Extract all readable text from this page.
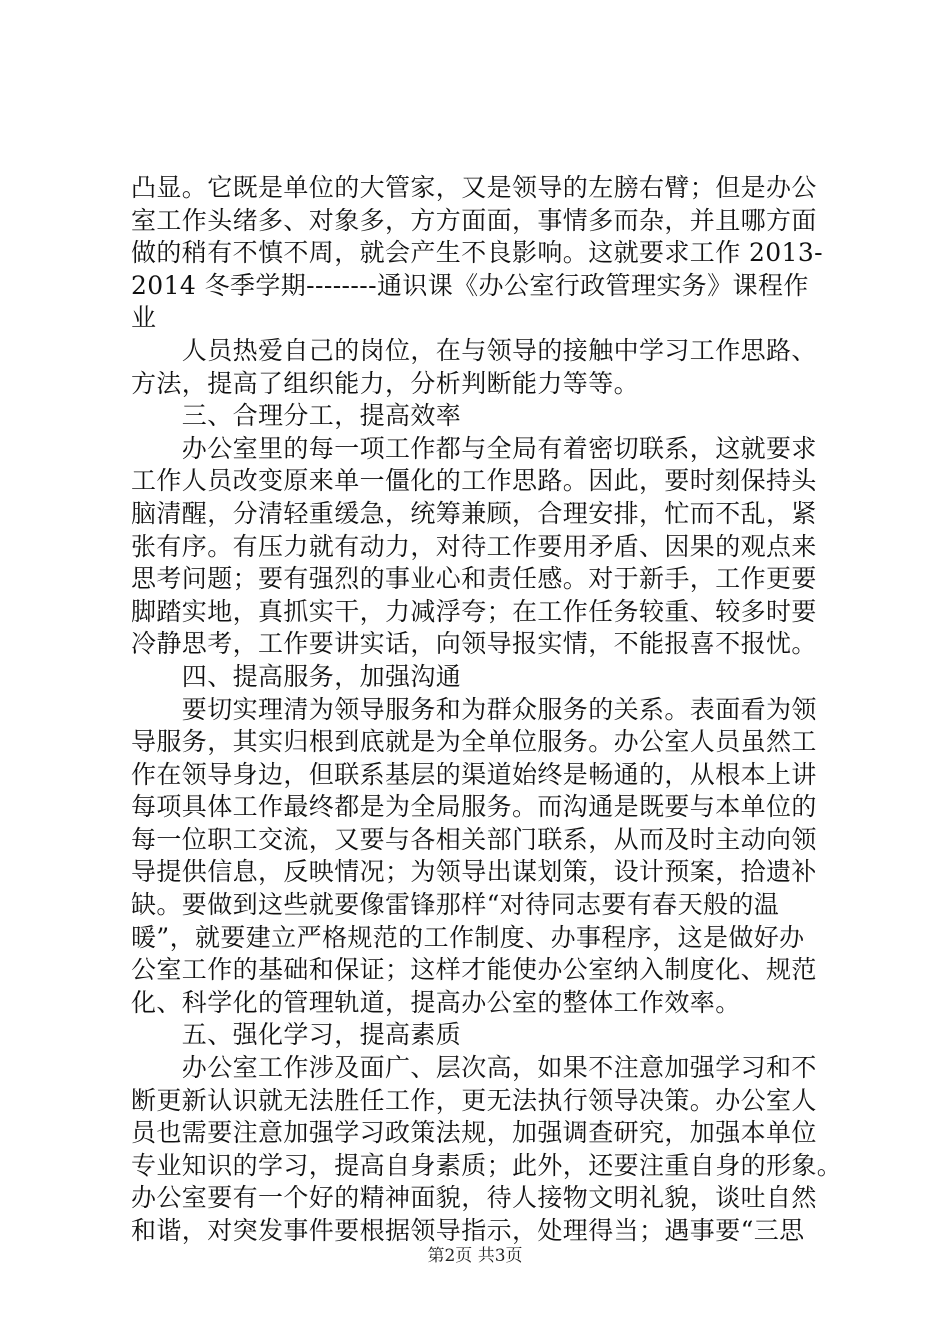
凸显。它既是单位的大管家，又是领导的左膀右臂；但是办公
室工作头绪多、对象多，方方面面，事情多而杂，并且哪方面
做的稍有不慎不周，就会产生不良影响。这就要求工作 2013-
2014 冬季学期--------通识课《办公室行政管理实务》课程作
业
　　人员热爱自己的岗位，在与领导的接触中学习工作思路、
方法，提高了组织能力，分析判断能力等等。
　　三、合理分工，提高效率
　　办公室里的每一项工作都与全局有着密切联系，这就要求
工作人员改变原来单一僵化的工作思路。因此，要时刻保持头
脑清醒，分清轻重缓急，统筹兼顾，合理安排，忙而不乱，紧
张有序。有压力就有动力，对待工作要用矛盾、因果的观点来
思考问题；要有强烈的事业心和责任感。对于新手，工作更要
脚踏实地，真抓实干，力减浮夸；在工作任务较重、较多时要
冷静思考，工作要讲实话，向领导报实情，不能报喜不报忧。
　　四、提高服务，加强沟通
　　要切实理清为领导服务和为群众服务的关系。表面看为领
导服务，其实归根到底就是为全单位服务。办公室人员虽然工
作在领导身边，但联系基层的渠道始终是畅通的，从根本上讲
每项具体工作最终都是为全局服务。而沟通是既要与本单位的
每一位职工交流，又要与各相关部门联系，从而及时主动向领
导提供信息，反映情况；为领导出谋划策，设计预案，拾遗补
缺。要做到这些就要像雷锋那样“对待同志要有春天般的温
暖”，就要建立严格规范的工作制度、办事程序，这是做好办
公室工作的基础和保证；这样才能使办公室纳入制度化、规范
化、科学化的管理轨道，提高办公室的整体工作效率。
　　五、强化学习，提高素质
　　办公室工作涉及面广、层次高，如果不注意加强学习和不
断更新认识就无法胜任工作，更无法执行领导决策。办公室人
员也需要注意加强学习政策法规，加强调查研究，加强本单位
专业知识的学习，提高自身素质；此外，还要注重自身的形象。
办公室要有一个好的精神面貌，待人接物文明礼貌，谈吐自然
和谐，对突发事件要根据领导指示，处理得当；遇事要“三思
第2页 共3页
